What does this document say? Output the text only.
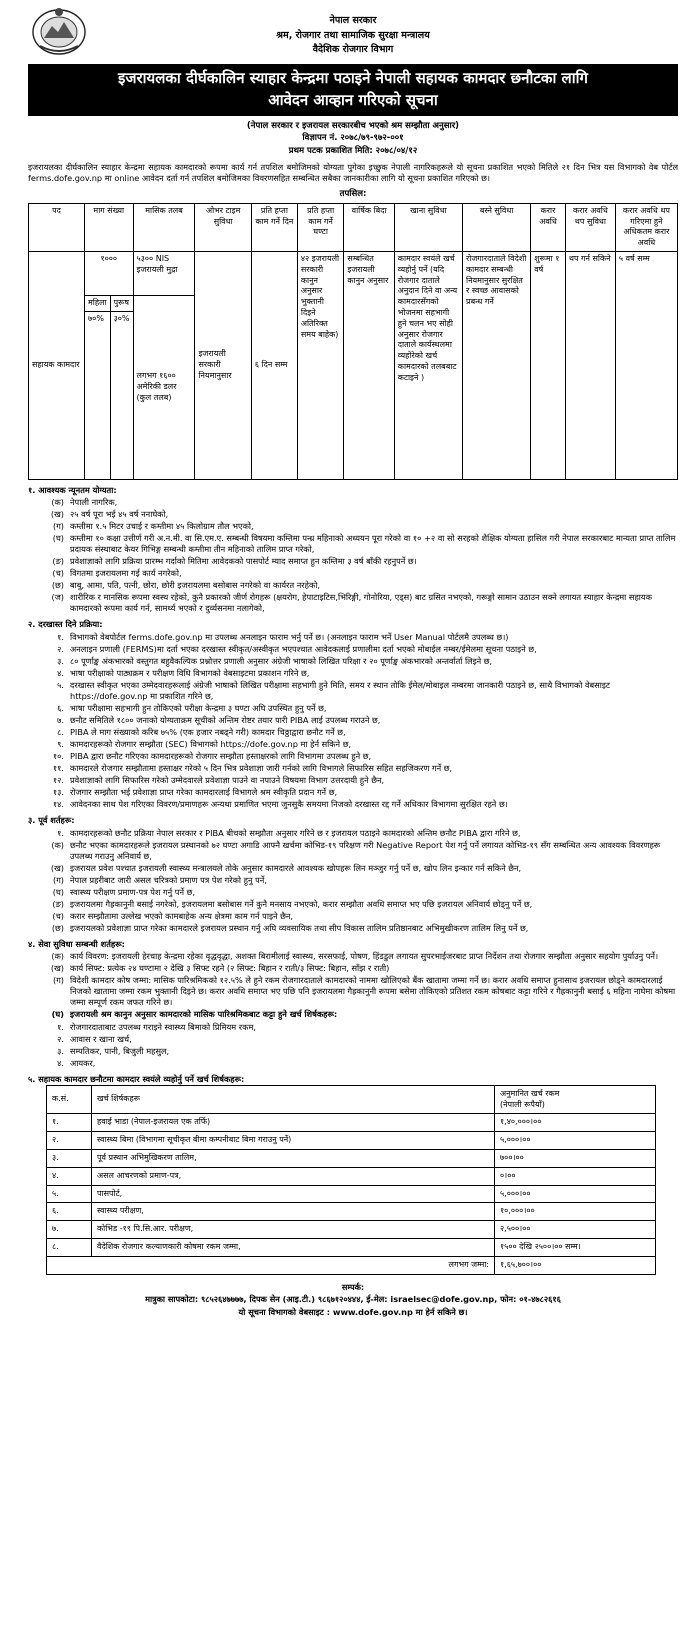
नेपाल सरकार
श्रम, रोजगार तथा सामाजिक सुरक्षा मन्त्रालय
वैदेशिक रोजगार विभाग
इजरायलका दीर्घकालिन स्याहार केन्द्रमा पठाइने नेपाली सहायक कामदार छनौटका लागि
आवेदन आव्हान गरिएको सूचना
(नेपाल सरकार र इजरायल सरकारबीच भएको श्रम सम्झौता अनुसार)
विज्ञापन नं. २०७८/७९-९७२-००१
प्रथम पटक प्रकाशित मिति: २०७८/०४/१२
इजरायलका दीर्घकालिन स्याहार केन्द्रमा सहायक कामदारको रूपमा कार्य गर्न तपशिल बमोजिमको योग्यता पुगेका इच्छुक नेपाली नागरिकहरूले यो सूचना प्रकाशित भएको मितिले २१ दिन भित्र यस विभागको वेब पोर्टल ferms.dofe.gov.np मा online आवेदन दर्ता गर्न तपशिल बमोजिमका विवरणसहित सम्बन्धित सबैका जानकारीका लागि यो सूचना प्रकाशित गरिएको छ।
तपसिल:
पद	माग संख्या		मासिक तलब	ओभर टाइम सुविधा	प्रति हप्ता काम गर्ने दिन	प्रति हप्ता काम गर्ने घण्टा	वार्षिक बिदा	खाना सुविधा	बस्ने सुविधा	करार अवधि	करार अवधि थप सुविधा	करार अवधि थप गरिएमा हुने अधिकतम करार अवधि
सहायक कामदार	१०००		५३०० NIS इजरायली मुद्रा	इजरायली सरकारी नियमानुसार	६ दिन सम्म	४२ इजरायली सरकारी कानुन अनुसार भुक्तानी दिइने अतिरिक्त समय बाहेक)	सम्बन्धित इजरायली कानुन अनुसार	कामदार स्वयंले खर्च व्यहोर्नु पर्ने (यदि रोजगार दाताले अनुदान दिने वा अन्य कामदारसँगको भोजनमा सहभागी हुने चलन भए सोही अनुसार रोजगार दाताले कार्यस्थलमा व्यहोरेको खर्च कामदारको तलबबाट कटाइने )	रोजगारदाताले विदेशी कामदार सम्बन्धी नियमानुसार सुरक्षित र स्वच्छ आवासको प्रबन्ध गर्ने	शुरूमा १ वर्ष	थप गर्न सकिने	५ वर्ष सम्म
	महिला	पुरूष	लगभग १६०० अमेरिकी डलर (कुल तलब)									
	७०%	३०%										
१. आवश्यक न्यूनतम योग्यता:
(क) नेपाली नागरिक,
(ख) २५ वर्ष पूरा भई ४५ वर्ष ननाघेको,
(ग) कम्तीमा १.५ मिटर उचाई र कम्तीमा ४५ किलोग्राम तौल भएको,
(घ) कम्तीमा १० कक्षा उत्तीर्ण गरी अ.न.मी. वा सि.एम.ए. सम्बन्धी विषयमा कम्तिमा पन्ध्र महिनाको अध्ययन पूरा गरेको वा १० +२ वा सो सरहको शैक्षिक योग्यता हासिल गरी नेपाल सरकारबाट मान्यता प्राप्त तालिम प्रदायक संस्थाबाट केयर गिभिङ्ग सम्बन्धी कम्तीमा तीन महिनाको तालिम प्राप्त गरेको,
(ङ) प्रवेशाज्ञाको लागि प्रक्रिया प्रारम्भ गर्दाको मितिमा आवेदकको पासपोर्ट म्याद समाप्त हुन कम्तिमा ३ वर्ष बाँकी रहनुपर्ने छ।
(च) विगतमा इजरायलमा गई कार्य नगरेको,
(छ) बाबु, आमा, पति, पत्नी, छोरा, छोरी इजरायलमा बसोबास नगरेको वा कार्यरत नरहेको,
(ज) शारीरिक र मानसिक रूपमा स्वस्थ रहेको, कुनै प्रकारको जीर्ण रोगहरू (क्षयरोग, हेपाटाइटिस,भिरिङ्गी, गोनोरिया, एड्स) बाट ग्रसित नभएको, गरूङ्गो सामान उठाउन सक्ने लगायत स्याहार केन्द्रमा सहायक कामदारको रूपमा कार्य गर्न, सामर्थ्य भएको र दुर्व्यसनमा नलागेको,
२. दरखास्त दिने प्रक्रिया:
१. विभागको वेबपोर्टल ferms.dofe.gov.np मा उपलब्ध अनलाइन फाराम भर्नु पर्ने छ। (अनलाइन फाराम भर्ने User Manual पोर्टलमै उपलब्ध छ।)
२. अनलाइन प्रणाली (FERMS)मा दर्ता भएका दरखास्त स्वीकृत/अस्वीकृत भएपश्चात आवेदकलाई प्रणालीमा दर्ता भएको मोबाईल नम्बर/ईमेलमा सूचना पठाइने छ,
३. ८० पूर्णाङ्क अंकभारको वस्तुगत बहुवैकल्पिक प्रश्नोत्तर प्रणाली अनुसार अंग्रेजी भाषाको लिखित परिक्षा र २० पूर्णाङ्क अंकभारको अन्तर्वार्ता लिइने छ,
४. भाषा परीक्षाको पाठ्यक्रम र परीक्षण विधि विभागको वेबसाइटमा प्रकाशन गरिने छ,
५. दरखास्त स्वीकृत भएका उम्मेदवारहरूलाई अंग्रेजी भाषाको लिखित परीक्षामा सहभागी हुने मिति, समय र स्थान तोकि ईमेल/मोबाइल नम्बरमा जानकारी पठाइने छ, साथै विभागको वेबसाइट https://dofe.gov.np मा प्रकाशित गरिने छ,
६. भाषा परीक्षामा सहभागी हुन तोकिएको परीक्षा केन्द्रमा ३ घण्टा अघि उपस्थित हुनु पर्ने छ,
७. छनौट समितिले १८०० जनाको योग्यताक्रम सूचीको अन्तिम रोष्टर तयार पारी PIBA लाई उपलब्ध गराउने छ,
८. PIBA ले माग संख्याको करिब ७५% (एक हजार नबढ्ने गरी) कामदार चिठ्ठाद्वारा छनौट गर्ने छ,
९. कामदारहरूको रोजगार सम्झौता (SEC) विभागको https://dofe.gov.np मा हेर्न सकिने छ,
१०. PIBA द्वारा छनौट गरिएका कामदारहरूको रोजगार सम्झौता हस्ताक्षरको लागि विभागमा उपलब्ध हुने छ,
११. कामदारले रोजगार सम्झौतामा हस्ताक्षर गरेको ५ दिन भित्र प्रवेशाज्ञा जारी गर्नको लागि विभागले सिफारिस सहित सहजिकरण गर्ने छ,
१२. प्रवेशाज्ञाको लागि सिफारिस गरेको उम्मेदवारले प्रवेशाज्ञा पाउने वा नपाउने विषयमा विभाग उत्तरदायी हुने छैन,
१३. रोजगार सम्झौता भई प्रवेशाज्ञा प्राप्त गरेका कामदारलाई विभागले श्रम स्वीकृति प्रदान गर्ने छ,
१४. आवेदनका साथ पेश गरिएका विवरण/प्रमाणहरू अन्यथा प्रमाणित भएमा जुनसुकै समयमा निजको दरखास्त रद्द गर्ने अधिकार विभागमा सुरक्षित रहने छ।
३. पूर्व शर्तहरू:
१. कामदारहरूको छनौट प्रक्रिया नेपाल सरकार र PIBA बीचको सम्झौता अनुसार गरिने छ र इजरायल पठाइने कामदारको अन्तिम छनौट PIBA द्वारा गरिने छ,
(क) छनौट भएका कामदारहरूले इजरायल प्रस्थानको ७२ घण्टा अगाडि आफ्नै खर्चमा कोभिड-१९ परिक्षण गरी Negative Report पेश गर्नु पर्ने लगायत कोभिड-१९ सँग सम्बन्धित अन्य आवश्यक विवरणहरू उपलब्ध गराउनु अनिवार्य छ,
(ख) इजरायल प्रवेश पश्चात इजरायली स्वास्थ्य मन्त्रालयले तोके अनुसार कामदारले आवश्यक खोपहरू लिन मञ्जुर गर्नु पर्ने छ, खोप लिन इन्कार गर्न सकिने छैन,
(ग) नेपाल प्रहरीबाट जारी असल चरित्रको प्रमाण पत्र पेश गरेको हुनु पर्ने,
(घ) स्वास्थ्य परीक्षण प्रमाण-पत्र पेश गर्नु पर्ने छ,
(ङ) इजरायलमा गैह्रकानुनी बसाई नगरेको, इजरायलमा बसोबास गर्ने कुनै मनसाय नभएको, करार सम्झौता अवधि समाप्त भए पछि इजरायल अनिवार्य छोड्नु पर्ने छ,
(च) करार सम्झौतामा उल्लेख भएको कामबाहेक अन्य क्षेत्रमा काम गर्न पाइने छैन,
(छ) इजरायलको प्रवेशाज्ञा प्राप्त गरेका कामदारले इजरायल प्रस्थान गर्नु अघि व्यवसायिक तथा सीप विकास तालिम प्रतिष्ठानबाट अभिमुखीकरण तालिम लिनु पर्ने छ,
४. सेवा सुविधा सम्बन्धी शर्तहरू:
(क) कार्य विवरण: इजरायली हेरचाह केन्द्रमा रहेका वृद्धवृद्धा, अशक्त बिरामीलाई स्वास्थ्य, सरसफाई, पोषण, हिंडडुल लगायत सुपरभाईजरबाट प्राप्त निर्देशन तथा रोजगार सम्झौता अनुसार सहयोग पुर्याउनु पर्ने।
(ख) कार्य सिफ्ट: प्रत्येक २४ घण्टामा २ देखि ३ सिफ्ट रहने (२ सिफ्ट: बिहान र राती/३ सिफ्ट: बिहान, साँझ र राती)
(ग) विदेशी कामदार कोष जम्मा: मासिक पारिश्रमिकको १२.५% ले हुने रकम रोजगारदाताले कामदारको नाममा खोलिएको बैंक खातामा जम्मा गर्ने छ। करार अवधि समाप्त हुनासाथ इजरायल छोड्ने कामदारलाई निजको खातामा जम्मा रकम भुक्तानी दिइने छ। करार अवधि समाप्त भए पछि पनि इजरायलमा गैह्रकानुनी रूपमा बसेमा तोकिएको प्रतिशत रकम कोषबाट कट्टा गरिने र गैह्रकानुनी बसाई ६ महिना नाघेमा कोषमा जम्मा सम्पूर्ण रकम जफत गरिने छ।
(घ) इजरायली श्रम कानुन अनुसार कामदारको मासिक पारिश्रमिकबाट कट्टा हुने खर्च शिर्षकहरू:
१. रोजगारदाताबाट उपलब्ध गराइने स्वास्थ्य बिमाको प्रिमियम रकम,
२. आवास र खाना खर्च,
३. सम्पतिकर, पानी, बिजुली महसुल,
४. आयकर,
५. सहायक कामदार छनौटमा कामदार स्वयंले व्यहोर्नु पर्ने खर्च शिर्षकहरू:
क.सं.	खर्च शिर्षकहरू	अनुमानित खर्च रकम
(नेपाली रूपैयाँ)

१.	हवाई भाडा (नेपाल-इजरायल एक तर्फि)	१,४०,०००।००
२.	स्वास्थ्य बिमा (विभागमा सूचीकृत बीमा कम्पनीबाट बिमा गराउनु पर्ने)	५,०००।००
३.	पूर्व प्रस्थान अभिमुखिकरण तालिम,	७००।००
४.	असल आचरणको प्रमाण-पत्र,	०।००
५.	पासपोर्ट,	५,०००।००
६.	स्वास्थ्य परीक्षण,	१०,०००।००
७.	कोभिड -१९ पि.सि.आर. परीक्षण,	२,५००।००
८.	वैदेशिक रोजगार कल्याणकारी कोषमा रकम जम्मा,	१५०० देखि २५००।०० सम्म।
लगभग जम्मा:		१,६५,७००।००
सम्पर्क:
मात्रुका सापकोटा: ९८५२६४७७७७, दिपक सेन (आइ.टी.) ९८६७१२०४४४, ई-मेल: israelsec@dofe.gov.np, फोन: ०१-४७८२६१६
यो सूचना विभागको वेबसाइट : www.dofe.gov.np मा हेर्न सकिने छ।
